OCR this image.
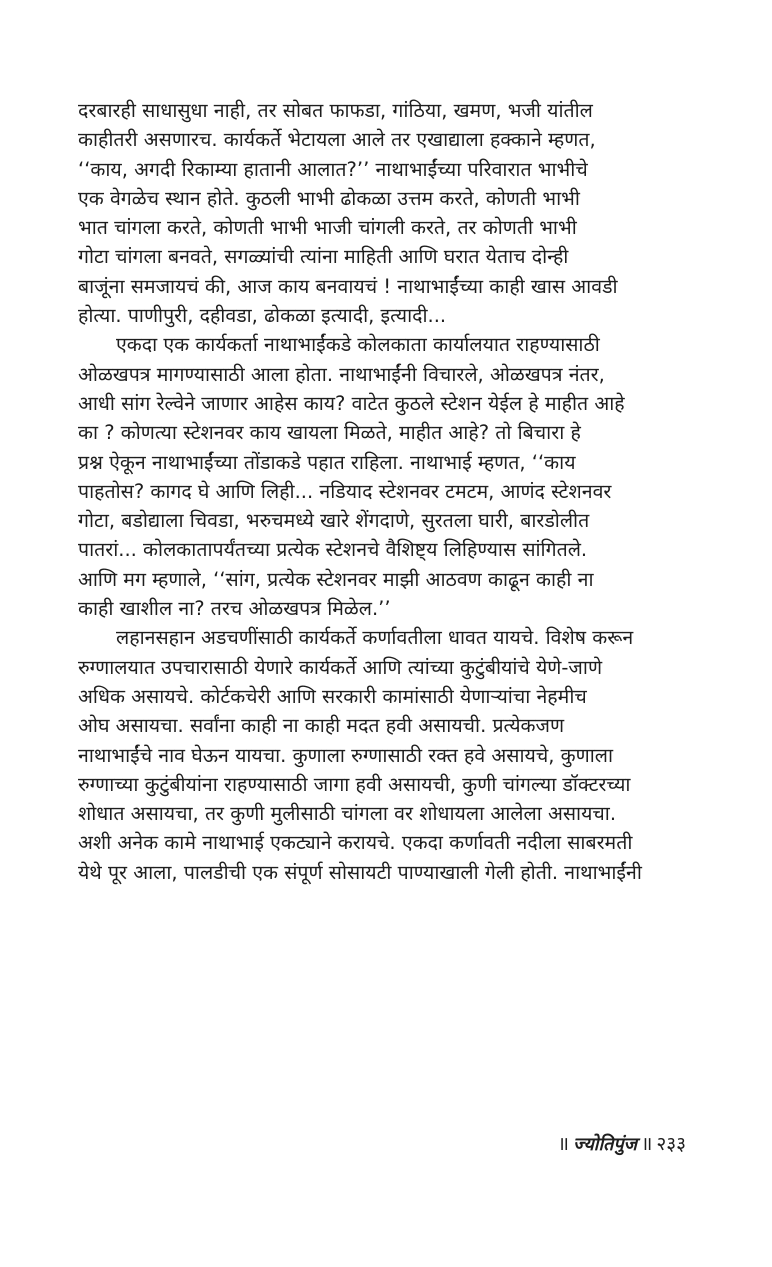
दरबारही साधासुधा नाही, तर सोबत फाफडा, गांठिया, खमण, भजी यांतील
काहीतरी असणारच. कार्यकर्ते भेटायला आले तर एखाद्याला हक्काने म्हणत,
‘‘काय, अगदी रिकाम्या हातानी आलात?’’ नाथाभाईंच्या परिवारात भाभीचे
एक वेगळेच स्थान होते. कुठली भाभी ढोकळा उत्तम करते, कोणती भाभी
भात चांगला करते, कोणती भाभी भाजी चांगली करते, तर कोणती भाभी
गोटा चांगला बनवते, सगळ्यांची त्यांना माहिती आणि घरात येताच दोन्ही
बाजूंना समजायचं की, आज काय बनवायचं ! नाथाभाईंच्या काही खास आवडी
होत्या. पाणीपुरी, दहीवडा, ढोकळा इत्यादी, इत्यादी...

एकदा एक कार्यकर्ता नाथाभाईंकडे कोलकाता कार्यालयात राहण्यासाठी
ओळखपत्र मागण्यासाठी आला होता. नाथाभाईंनी विचारले, ओळखपत्र नंतर,
आधी सांग रेल्वेने जाणार आहेस काय? वाटेत कुठले स्टेशन येईल हे माहीत आहे
का ? कोणत्या स्टेशनवर काय खायला मिळते, माहीत आहे? तो बिचारा हे
प्रश्न ऐकून नाथाभाईंच्या तोंडाकडे पहात राहिला. नाथाभाई म्हणत, ‘‘काय
पाहतोस? कागद घे आणि लिही... नडियाद स्टेशनवर टमटम, आणंद स्टेशनवर
गोटा, बडोद्याला चिवडा, भरुचमध्ये खारे शेंगदाणे, सुरतला घारी, बारडोलीत
पातरां... कोलकातापर्यंतच्या प्रत्येक स्टेशनचे वैशिष्ट्य लिहिण्यास सांगितले.
आणि मग म्हणाले, ‘‘सांग, प्रत्येक स्टेशनवर माझी आठवण काढून काही ना
काही खाशील ना? तरच ओळखपत्र मिळेल.’’

लहानसहान अडचणींसाठी कार्यकर्ते कर्णावतीला धावत यायचे. विशेष करून
रुग्णालयात उपचारासाठी येणारे कार्यकर्ते आणि त्यांच्या कुटुंबीयांचे येणे-जाणे
अधिक असायचे. कोर्टकचेरी आणि सरकारी कामांसाठी येणाऱ्यांचा नेहमीच
ओघ असायचा. सर्वांना काही ना काही मदत हवी असायची. प्रत्येकजण
नाथाभाईंचे नाव घेऊन यायचा. कुणाला रुग्णासाठी रक्त हवे असायचे, कुणाला
रुग्णाच्या कुटुंबीयांना राहण्यासाठी जागा हवी असायची, कुणी चांगल्या डॉक्टरच्या
शोधात असायचा, तर कुणी मुलीसाठी चांगला वर शोधायला आलेला असायचा.
अशी अनेक कामे नाथाभाई एकट्याने करायचे. एकदा कर्णावती नदीला साबरमती
येथे पूर आला, पालडीची एक संपूर्ण सोसायटी पाण्याखाली गेली होती. नाथाभाईंनी

॥ ज्योतिपुंज ॥ २३३
